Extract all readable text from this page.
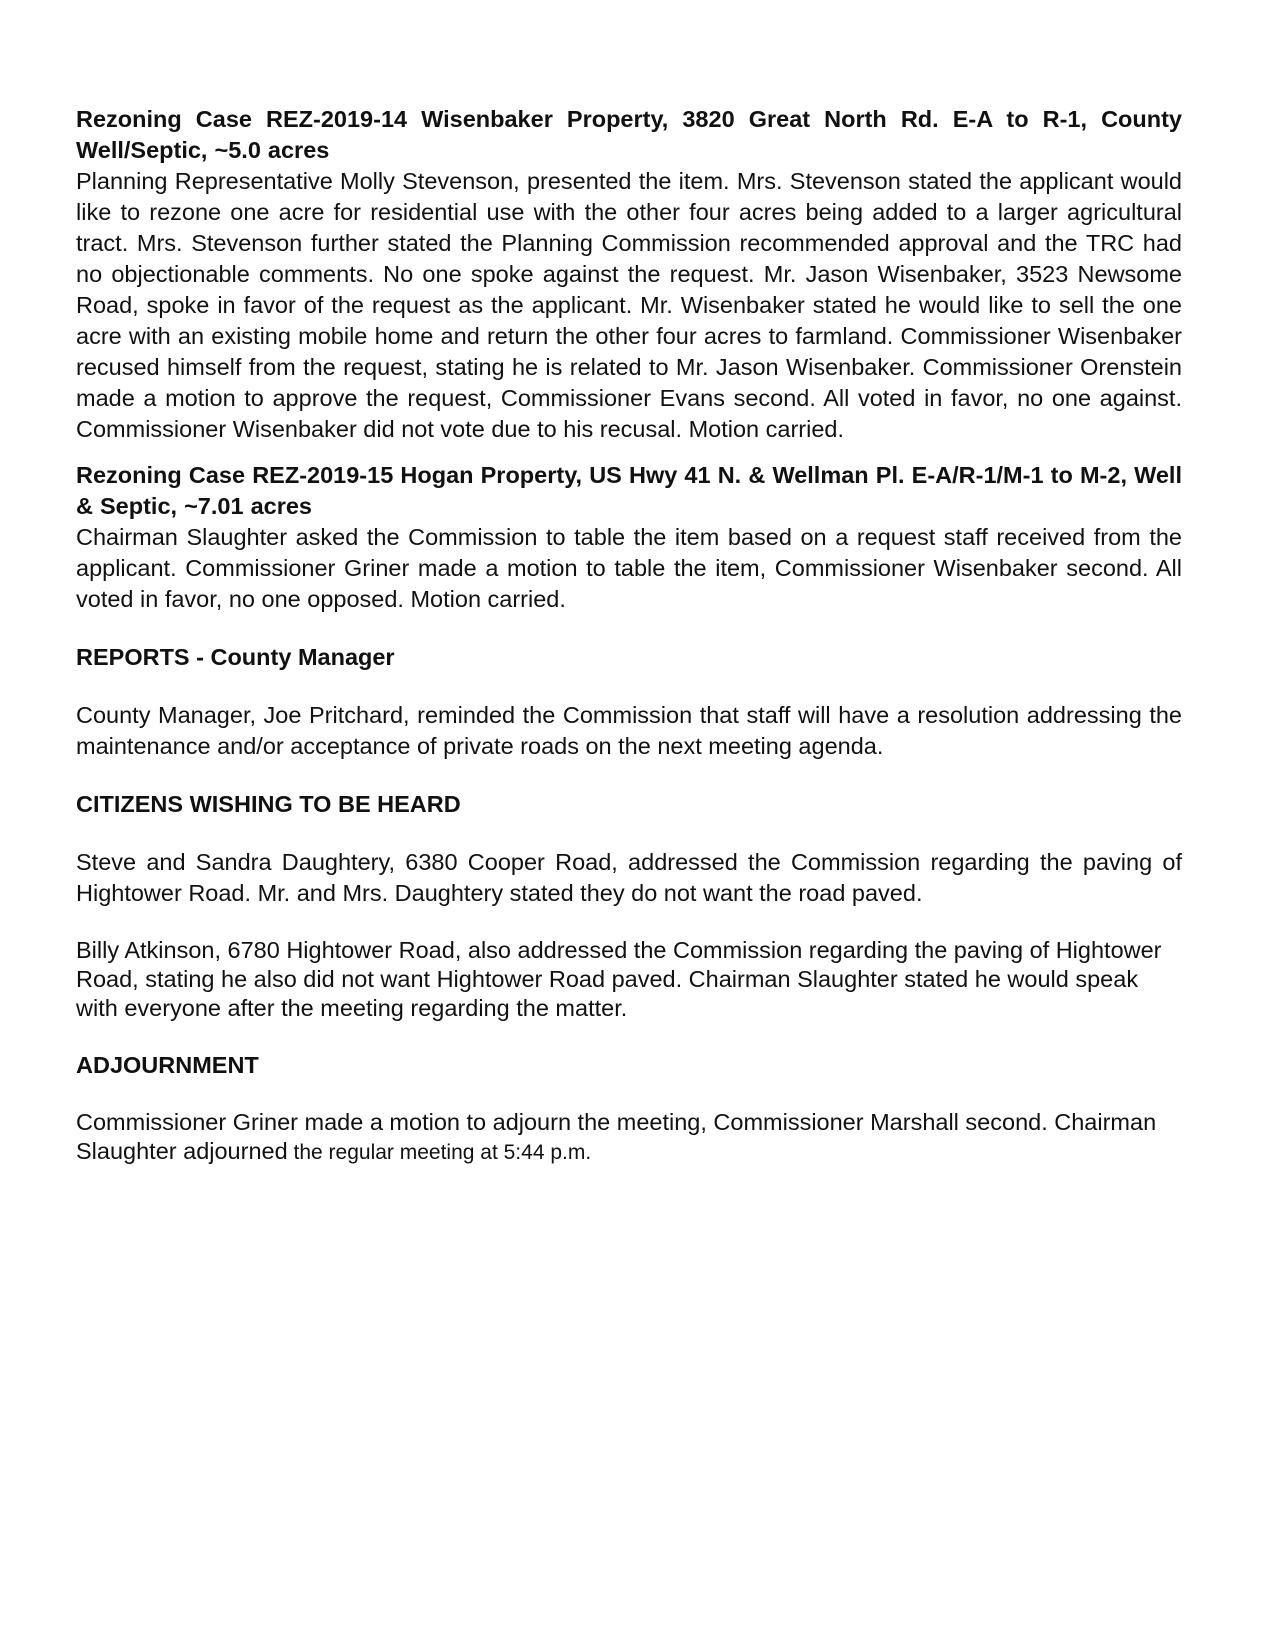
Rezoning Case REZ-2019-14 Wisenbaker Property, 3820 Great North Rd. E-A to R-1, County Well/Septic, ~5.0 acres

Planning Representative Molly Stevenson, presented the item. Mrs. Stevenson stated the applicant would like to rezone one acre for residential use with the other four acres being added to a larger agricultural tract. Mrs. Stevenson further stated the Planning Commission recommended approval and the TRC had no objectionable comments. No one spoke against the request. Mr. Jason Wisenbaker, 3523 Newsome Road, spoke in favor of the request as the applicant. Mr. Wisenbaker stated he would like to sell the one acre with an existing mobile home and return the other four acres to farmland. Commissioner Wisenbaker recused himself from the request, stating he is related to Mr. Jason Wisenbaker. Commissioner Orenstein made a motion to approve the request, Commissioner Evans second. All voted in favor, no one against. Commissioner Wisenbaker did not vote due to his recusal. Motion carried.

Rezoning Case REZ-2019-15 Hogan Property, US Hwy 41 N. & Wellman Pl. E-A/R-1/M-1 to M-2, Well & Septic, ~7.01 acres

Chairman Slaughter asked the Commission to table the item based on a request staff received from the applicant. Commissioner Griner made a motion to table the item, Commissioner Wisenbaker second. All voted in favor, no one opposed. Motion carried.

REPORTS - County Manager

County Manager, Joe Pritchard, reminded the Commission that staff will have a resolution addressing the maintenance and/or acceptance of private roads on the next meeting agenda.

CITIZENS WISHING TO BE HEARD

Steve and Sandra Daughtery, 6380 Cooper Road, addressed the Commission regarding the paving of Hightower Road. Mr. and Mrs. Daughtery stated they do not want the road paved.

Billy Atkinson, 6780 Hightower Road, also addressed the Commission regarding the paving of Hightower Road, stating he also did not want Hightower Road paved. Chairman Slaughter stated he would speak with everyone after the meeting regarding the matter.

ADJOURNMENT

Commissioner Griner made a motion to adjourn the meeting, Commissioner Marshall second. Chairman Slaughter adjourned the regular meeting at 5:44 p.m.
